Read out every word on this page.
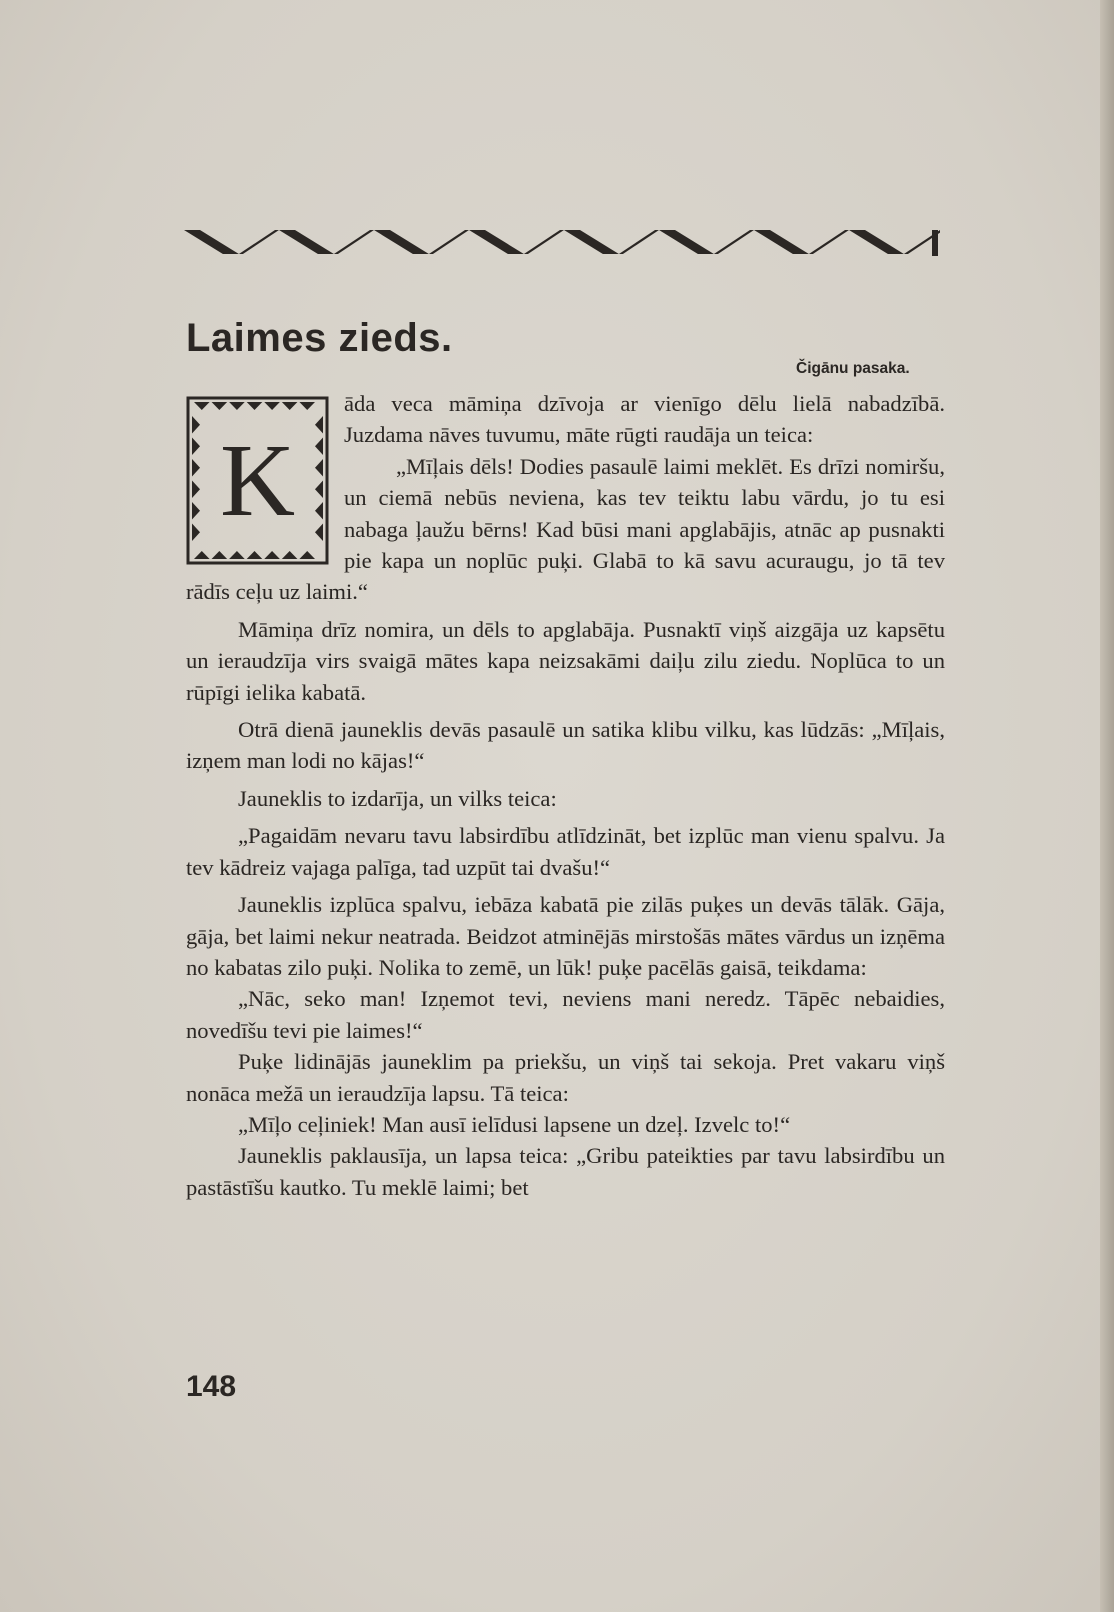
Laimes zieds.
Čigānu pasaka.
K

āda veca māmiņa dzīvoja ar vienīgo dēlu lielā nabadzībā. Juzdama nāves tuvumu, māte rūgti raudāja un teica:

„Mīļais dēls! Dodies pasaulē laimi meklēt. Es drīzi nomiršu, un ciemā nebūs neviena, kas tev teiktu labu vārdu, jo tu esi nabaga ļaužu bērns! Kad būsi mani apglabājis, atnāc ap pusnakti pie kapa un noplūc puķi. Glabā to kā savu acuraugu, jo tā tev rādīs ceļu uz laimi.“

Māmiņa drīz nomira, un dēls to apglabāja. Pusnaktī viņš aizgāja uz kapsētu un ieraudzīja virs svaigā mātes kapa neizsakāmi daiļu zilu ziedu. Noplūca to un rūpīgi ielika kabatā.

Otrā dienā jauneklis devās pasaulē un satika klibu vilku, kas lūdzās: „Mīļais, izņem man lodi no kājas!“

Jauneklis to izdarīja, un vilks teica:

„Pagaidām nevaru tavu labsirdību atlīdzināt, bet izplūc man vienu spalvu. Ja tev kādreiz vajaga palīga, tad uzpūt tai dvašu!“

Jauneklis izplūca spalvu, iebāza kabatā pie zilās puķes un devās tālāk. Gāja, gāja, bet laimi nekur neatrada. Beidzot atminējās mirstošās mātes vārdus un izņēma no kabatas zilo puķi. Nolika to zemē, un lūk! puķe pacēlās gaisā, teikdama:

„Nāc, seko man! Izņemot tevi, neviens mani neredz. Tāpēc nebaidies, novedīšu tevi pie laimes!“

Puķe lidinājās jauneklim pa priekšu, un viņš tai sekoja. Pret vakaru viņš nonāca mežā un ieraudzīja lapsu. Tā teica:

„Mīļo ceļiniek! Man ausī ielīdusi lapsene un dzeļ. Izvelc to!“

Jauneklis paklausīja, un lapsa teica: „Gribu pateikties par tavu labsirdību un pastāstīšu kautko. Tu meklē laimi; bet

148
